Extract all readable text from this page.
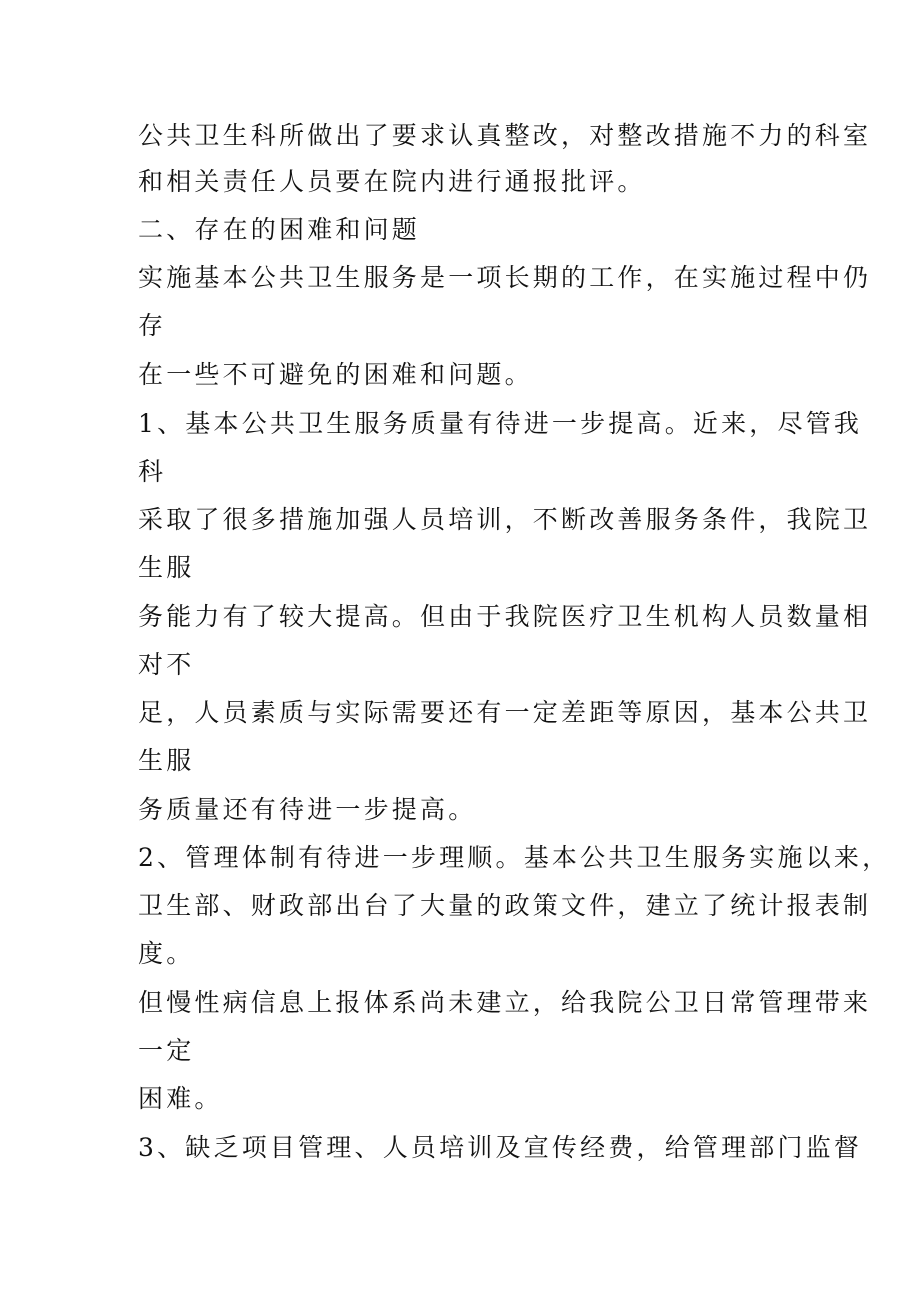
公共卫生科所做出了要求认真整改，对整改措施不力的科室
和相关责任人员要在院内进行通报批评。
二、存在的困难和问题
实施基本公共卫生服务是一项长期的工作，在实施过程中仍
存
在一些不可避免的困难和问题。
1、基本公共卫生服务质量有待进一步提高。近来，尽管我
科
采取了很多措施加强人员培训，不断改善服务条件，我院卫
生服
务能力有了较大提高。但由于我院医疗卫生机构人员数量相
对不
足，人员素质与实际需要还有一定差距等原因，基本公共卫
生服
务质量还有待进一步提高。
2、管理体制有待进一步理顺。基本公共卫生服务实施以来，
卫生部、财政部出台了大量的政策文件，建立了统计报表制
度。
但慢性病信息上报体系尚未建立，给我院公卫日常管理带来
一定
困难。
3、缺乏项目管理、人员培训及宣传经费，给管理部门监督
